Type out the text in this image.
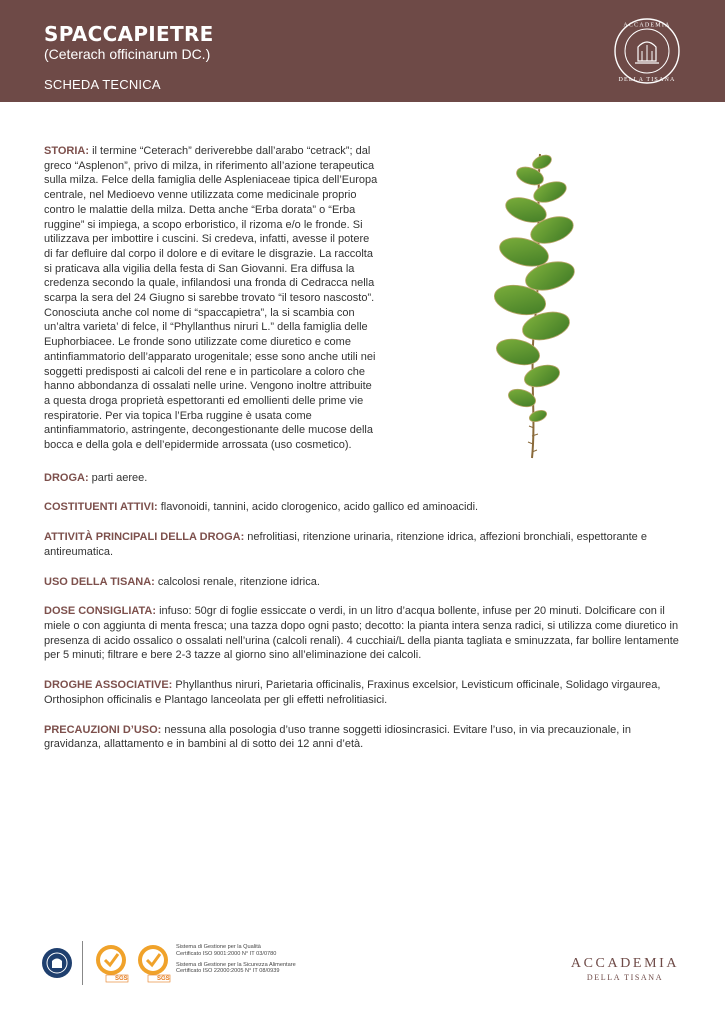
SPACCAPIETRE
(Ceterach officinarum DC.)
SCHEDA TECNICA
ACCADEMIA
DELLA TISANA

STORIA: il termine “Ceterach” deriverebbe dall’arabo “cetrack”; dal greco “Asplenon”, privo di milza, in riferimento all’azione terapeutica sulla milza. Felce della famiglia delle Aspleniaceae tipica dell’Europa centrale, nel Medioevo venne utilizzata come medicinale proprio contro le malattie della milza. Detta anche “Erba dorata” o “Erba ruggine” si impiega, a scopo erboristico, il rizoma e/o le fronde. Si utilizzava per imbottire i cuscini. Si credeva, infatti, avesse il potere di far defluire dal corpo il dolore e di evitare le disgrazie. La raccolta si praticava alla vigilia della festa di San Giovanni. Era diffusa la credenza secondo la quale, infilandosi una fronda di Cedracca nella scarpa la sera del 24 Giugno si sarebbe trovato “il tesoro nascosto”. Conosciuta anche col nome di “spaccapietra”, la si scambia con un’altra varieta’ di felce, il “Phyllanthus niruri L.” della famiglia delle Euphorbiacee. Le fronde sono utilizzate come diuretico e come antinfiammatorio dell’apparato urogenitale; esse sono anche utili nei soggetti predisposti ai calcoli del rene e in particolare a coloro che hanno abbondanza di ossalati nelle urine. Vengono inoltre attribuite a questa droga proprietà espettoranti ed emollienti delle prime vie respiratorie. Per via topica l’Erba ruggine è usata come antinfiammatorio, astringente, decongestionante delle mucose della bocca e della gola e dell’epidermide arrossata (uso cosmetico).

DROGA: parti aeree.

COSTITUENTI ATTIVI: flavonoidi, tannini, acido clorogenico, acido gallico ed aminoacidi.

ATTIVITÀ PRINCIPALI DELLA DROGA: nefrolitiasi, ritenzione urinaria, ritenzione idrica, affezioni bronchiali, espettorante e antireumatica.

USO DELLA TISANA: calcolosi renale, ritenzione idrica.

DOSE CONSIGLIATA: infuso: 50gr di foglie essiccate o verdi, in un litro d’acqua bollente, infuse per 20 minuti. Dolcificare con il miele o con aggiunta di menta fresca; una tazza dopo ogni pasto; decotto: la pianta intera senza radici, si utilizza come diuretico in presenza di acido ossalico o ossalati nell’urina (calcoli renali). 4 cucchiai/L della pianta tagliata e sminuzzata, far bollire lentamente per 5 minuti; filtrare e bere 2-3 tazze al giorno sino all’eliminazione dei calcoli.

DROGHE ASSOCIATIVE: Phyllanthus niruri, Parietaria officinalis, Fraxinus excelsior, Levisticum officinale, Solidago virgaurea, Orthosiphon officinalis e Plantago lanceolata per gli effetti nefrolitiasici.

PRECAUZIONI D’USO: nessuna alla posologia d’uso tranne soggetti idiosincrasici. Evitare l’uso, in via precauzionale, in gravidanza, allattamento e in bambini al di sotto dei 12 anni d’età.

SGS	SGS
Sistema di Gestione per la Qualità
Certificato ISO 9001:2000 N° IT 03/0780
Sistema di Gestione per la Sicurezza Alimentare
Certificato ISO 22000:2005 N° IT 08/0939
ACCADEMIA
DELLA TISANA
